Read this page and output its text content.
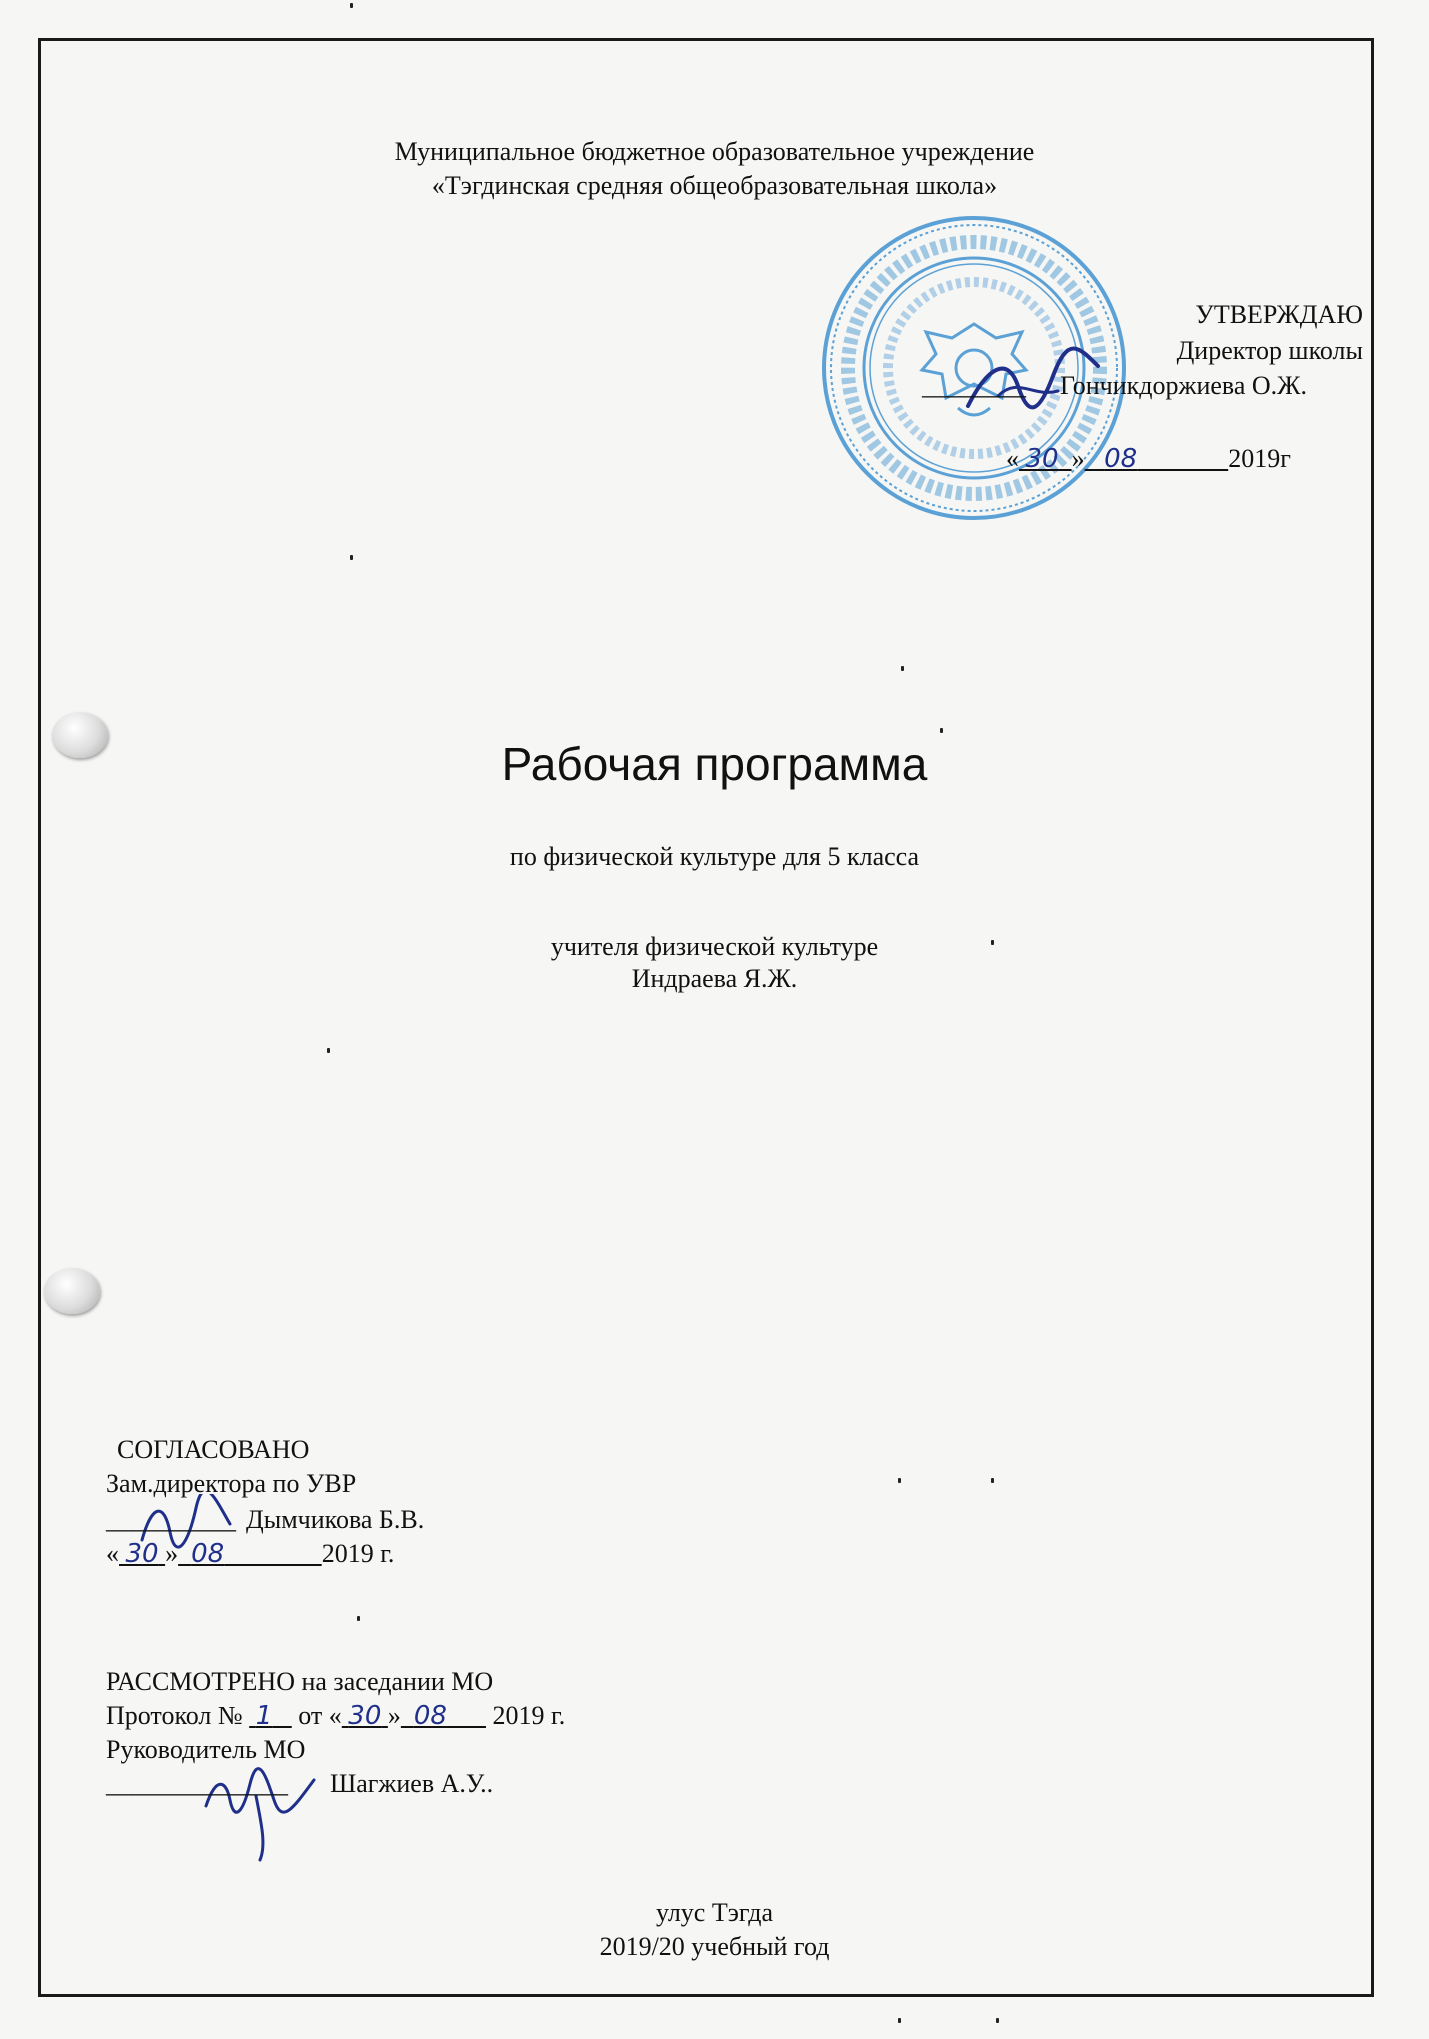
Муниципальное бюджетное образовательное учреждение
«Тэгдинская средняя общеобразовательная школа»
УТВЕРЖДАЮ
Директор школы
________ Гончикдоржиева О.Ж.
« 30 » 08	2019г
Рабочая программа
по физической культуре для 5 класса
учителя физической культуре
Индраева Я.Ж.
СОГЛАСОВАНО
Зам.директора по УВР
__________ Дымчикова Б.В.
« 30 » 08	2019 г.
РАССМОТРЕНО на заседании МО
Протокол № 1 от « 30 » 08 2019 г.
Руководитель МО
______________ Шагжиев А.У..
улус Тэгда
2019/20 учебный год
